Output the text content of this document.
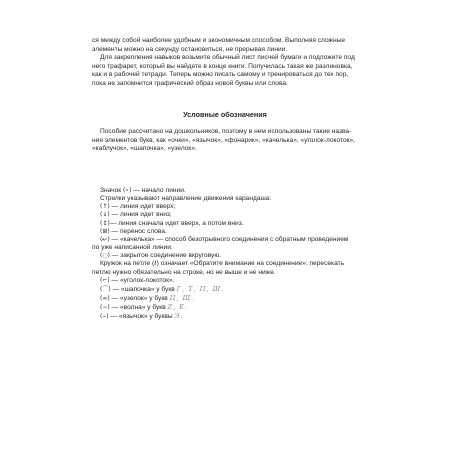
ся между собой наиболее удобным и экономичным способом. Выполняя сложные
элементы можно на секунду остановиться, не прерывая линии.
Для закрепления навыков возьмите обычный лист писчей бумаги и подложите под
него трафарет, который вы найдете в конце книги. Получилась такая же разлиновка,
как и в рабочей тетради. Теперь можно писать самому и тренироваться до тех пор,
пока не запомнится графический образ новой буквы или слова.

Условные обозначения

Пособие рассчитано на дошкольников, поэтому в нем использованы такие назва-
ния элементов букв, как «очки», «язычок», «фонарик», «качелька», «уголок-локоток»,
«каблучок», «шапочка», «узелок».

Значок (∘) — начало линии.
Стрелки указывают направление движения карандаша:
(↑) — линия идет вверх;
(↓) — линия идет вниз;
(↕)— линия сначала идет вверх, а потом вниз.
(⊞) — перенос слова.
(↜) — «качелька» — способ безотрывного соединения с обратным проведением
по уже написанной линии.
(◌) — закрытое соединение вкруговую.
Кружок на петле (ℓ) означает «Обратите внимание на соединение»: пересекать
петлю нужно обязательно на строке, но не выше и не ниже.
(⌐) — «уголок-локоток».
(⌒) — «шапочка» у букв Г, Т, П, Ш.
(∞) — «узелок» у букв Ц, Щ.
(∼) — «волна» у букв Z, Е.
(⌣) — «язычок» у буквы Э.
